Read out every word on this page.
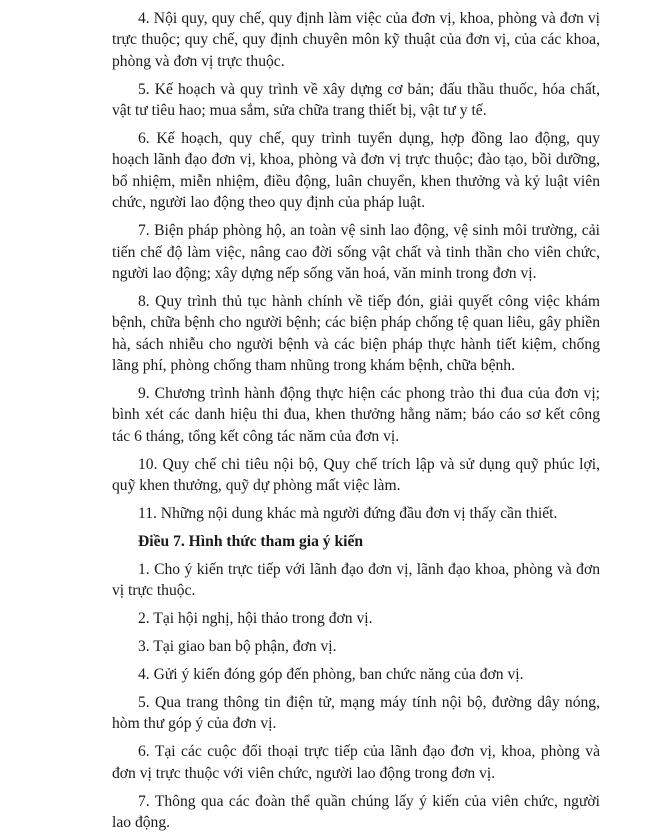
4. Nội quy, quy chế, quy định làm việc của đơn vị, khoa, phòng và đơn vị trực thuộc; quy chế, quy định chuyên môn kỹ thuật của đơn vị, của các khoa, phòng và đơn vị trực thuộc.

5. Kế hoạch và quy trình về xây dựng cơ bản; đấu thầu thuốc, hóa chất, vật tư tiêu hao; mua sắm, sửa chữa trang thiết bị, vật tư y tế.

6. Kế hoạch, quy chế, quy trình tuyển dụng, hợp đồng lao động, quy hoạch lãnh đạo đơn vị, khoa, phòng và đơn vị trực thuộc; đào tạo, bồi dưỡng, bổ nhiệm, miễn nhiệm, điều động, luân chuyển, khen thưởng và kỷ luật viên chức, người lao động theo quy định của pháp luật.

7. Biện pháp phòng hộ, an toàn vệ sinh lao động, vệ sinh môi trường, cải tiến chế độ làm việc, nâng cao đời sống vật chất và tinh thần cho viên chức, người lao động; xây dựng nếp sống văn hoá, văn minh trong đơn vị.

8. Quy trình thủ tục hành chính về tiếp đón, giải quyết công việc khám bệnh, chữa bệnh cho người bệnh; các biện pháp chống tệ quan liêu, gây phiền hà, sách nhiễu cho người bệnh và các biện pháp thực hành tiết kiệm, chống lãng phí, phòng chống tham nhũng trong khám bệnh, chữa bệnh.

9. Chương trình hành động thực hiện các phong trào thi đua của đơn vị; bình xét các danh hiệu thi đua, khen thưởng hằng năm; báo cáo sơ kết công tác 6 tháng, tổng kết công tác năm của đơn vị.

10. Quy chế chi tiêu nội bộ, Quy chế trích lập và sử dụng quỹ phúc lợi, quỹ khen thưởng, quỹ dự phòng mất việc làm.

11. Những nội dung khác mà người đứng đầu đơn vị thấy cần thiết.

Điều 7. Hình thức tham gia ý kiến

1. Cho ý kiến trực tiếp với lãnh đạo đơn vị, lãnh đạo khoa, phòng và đơn vị trực thuộc.

2. Tại hội nghị, hội thảo trong đơn vị.

3. Tại giao ban bộ phận, đơn vị.

4. Gửi ý kiến đóng góp đến phòng, ban chức năng của đơn vị.

5. Qua trang thông tin điện tử, mạng máy tính nội bộ, đường dây nóng, hòm thư góp ý của đơn vị.

6. Tại các cuộc đối thoại trực tiếp của lãnh đạo đơn vị, khoa, phòng và đơn vị trực thuộc với viên chức, người lao động trong đơn vị.

7. Thông qua các đoàn thể quần chúng lấy ý kiến của viên chức, người lao động.
